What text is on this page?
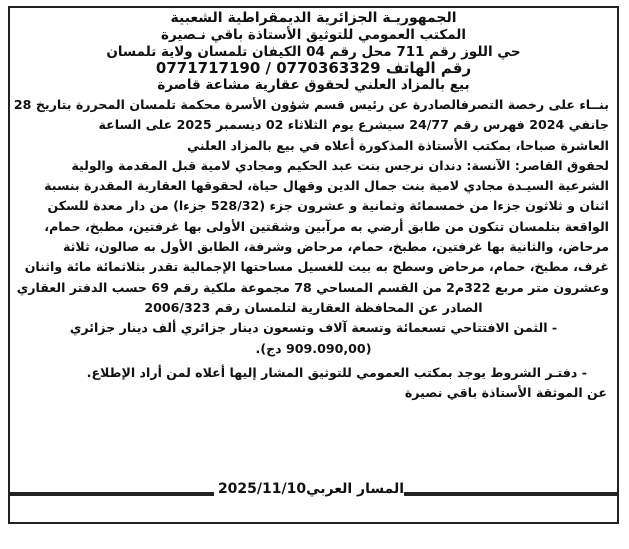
الجمهوريـة الجزائرية الديمقراطية الشعبية
المكتب العمومي للتوثيق الأستاذة باقي نـصيرة
حي اللوز رقم 711 محل رقم 04 الكيفان تلمسان ولاية تلمسان
رقم الهاتف 0770363329 / 0771717190
بيع بالمزاد العلني لحقوق عقارية مشاعة قاصرة
بنــاء على رخصة التصرفالصادرة عن رئيس قسم شؤون الأسرة محكمة تلمسان المحررة بتاريخ 28
جانفي 2024 فهرس رقم 24/77 سيشرع يوم الثلاثاء 02 ديسمبر 2025 على الساعة
العاشرة صباحا، بمكتب الأستاذة المذكورة أعلاه في بيع بالمزاد العلني
لحقوق القاصر: الآنسة: دندان نرجس بنت عبد الحكيم ومجادي لامية قبل المقدمة والولية
الشرعية السيـدة مجادي لامية بنت جمال الدين وقهال حياة، لحقوقها العقارية المقدرة بنسبة
اثنان و ثلاثون جزءا من خمسمائة وثمانية و عشرون جزء (528/32 جزءا) من دار معدة للسكن
الواقعة بتلمسان تتكون من طابق أرضي به مرآبين وشقتين الأولى بها غرفتين، مطبخ، حمام،
مرحاض، والثانية بها غرفتين، مطبخ، حمام، مرحاض وشرفة، الطابق الأول به صالون، ثلاثة
غرف، مطبخ، حمام، مرحاض وسطح به بيت للغسيل مساحتها الإجمالية تقدر بثلاثمائة مائة واثنان
وعشرون متر مربع 322م2 من القسم المساحي 78 مجموعة ملكية رقم 69 حسب الدفتر العقاري
الصادر عن المحافظة العقارية لتلمسان رقم 2006/323
- الثمن الافتتاحي تسعمائة وتسعة آلاف وتسعون دينار جزائري ألف دينار جزائري
(909.090,00 دج).
- دفتـر الشروط يوجد بمكتب العمومي للتوثيق المشار إليها أعلاه لمن أراد الإطلاع.
عن الموثقة الأستاذة باقي نصيرة
المسار العربي2025/11/10
